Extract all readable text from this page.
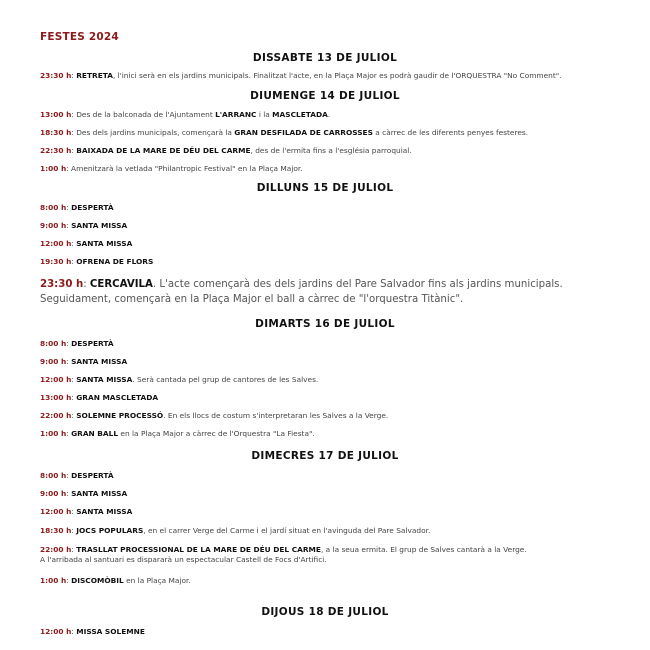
FESTES 2024
DISSABTE 13 DE JULIOL
23:30 h: RETRETA, l'inici serà en els jardins municipals. Finalitzat l'acte, en la Plaça Major es podrà gaudir de l'ORQUESTRA "No Comment".
DIUMENGE 14 DE JULIOL
13:00 h: Des de la balconada de l'Ajuntament L'ARRANC i la MASCLETADA.
18:30 h: Des dels jardins municipals, començarà la GRAN DESFILADA DE CARROSSES a càrrec de les diferents penyes festeres.
22:30 h: BAIXADA DE LA MARE DE DÉU DEL CARME, des de l'ermita fins a l'església parroquial.
1:00 h: Amenitzarà la vetlada "Philantropic Festival" en la Plaça Major.
DILLUNS 15 DE JULIOL
8:00 h: DESPERTÀ
9:00 h: SANTA MISSA
12:00 h: SANTA MISSA
19:30 h: OFRENA DE FLORS
23:30 h: CERCAVILA. L'acte començarà des dels jardins del Pare Salvador fins als jardins municipals.
Seguidament, començarà en la Plaça Major el ball a càrrec de "l'orquestra Titànic".
DIMARTS 16 DE JULIOL
8:00 h: DESPERTÀ
9:00 h: SANTA MISSA
12:00 h: SANTA MISSA. Serà cantada pel grup de cantores de les Salves.
13:00 h: GRAN MASCLETADA
22:00 h: SOLEMNE PROCESSÓ. En els llocs de costum s'interpretaran les Salves a la Verge.
1:00 h: GRAN BALL en la Plaça Major a càrrec de l'Orquestra "La Fiesta".
DIMECRES 17 DE JULIOL
8:00 h: DESPERTÀ
9:00 h: SANTA MISSA
12:00 h: SANTA MISSA
18:30 h: JOCS POPULARS, en el carrer Verge del Carme i el jardí situat en l'avinguda del Pare Salvador.
22:00 h: TRASLLAT PROCESSIONAL DE LA MARE DE DÉU DEL CARME, a la seua ermita. El grup de Salves cantarà a la Verge.
A l'arribada al santuari es dispararà un espectacular Castell de Focs d'Artifici.
1:00 h: DISCOMÒBIL en la Plaça Major.
DIJOUS 18 DE JULIOL
12:00 h: MISSA SOLEMNE
